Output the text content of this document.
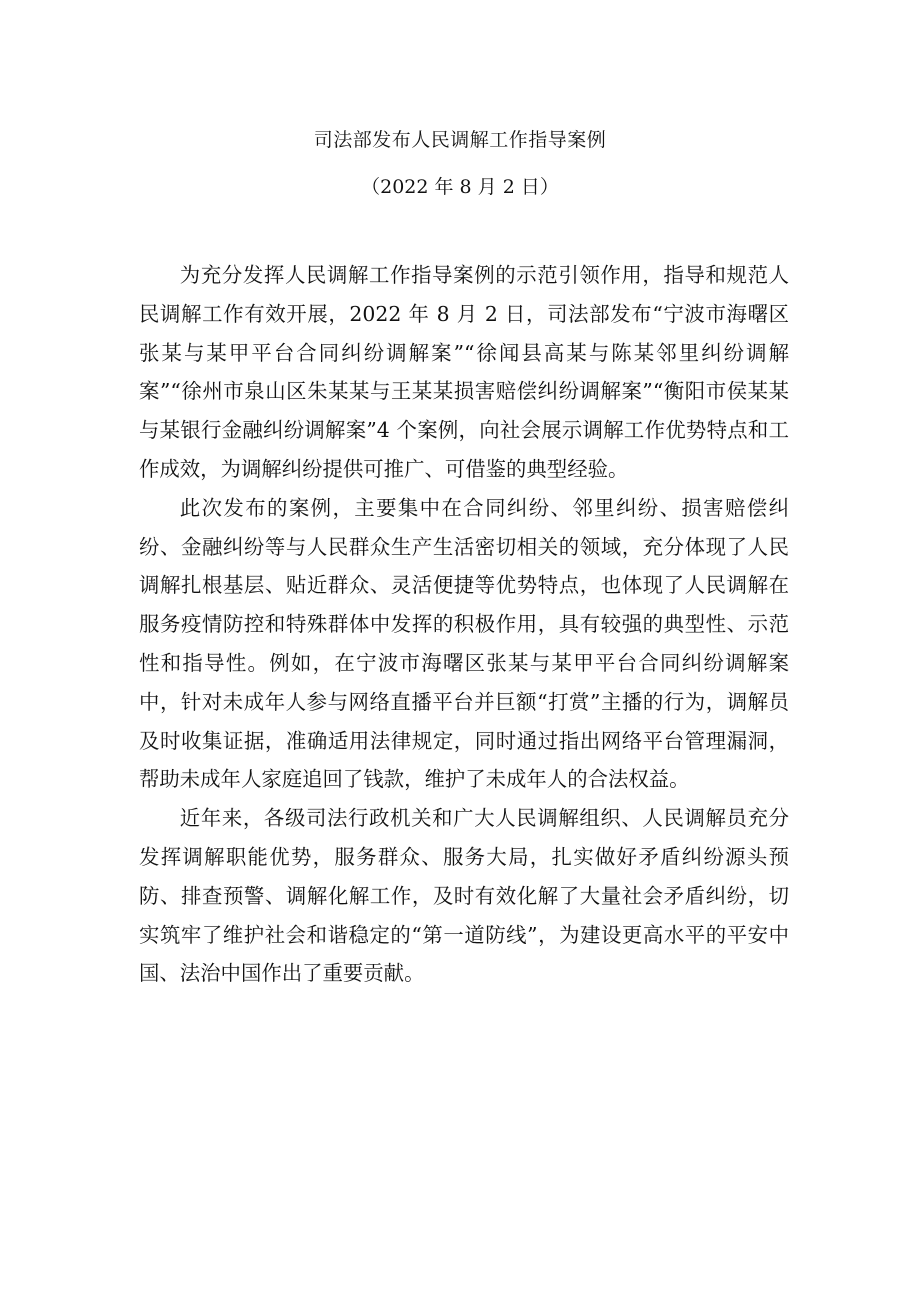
司法部发布人民调解工作指导案例
（2022 年 8 月 2 日）

为充分发挥人民调解工作指导案例的示范引领作用，指导和规范人民调解工作有效开展，2022 年 8 月 2 日，司法部发布“宁波市海曙区张某与某甲平台合同纠纷调解案”“徐闻县高某与陈某邻里纠纷调解案”“徐州市泉山区朱某某与王某某损害赔偿纠纷调解案”“衡阳市侯某某与某银行金融纠纷调解案”4 个案例，向社会展示调解工作优势特点和工作成效，为调解纠纷提供可推广、可借鉴的典型经验。

此次发布的案例，主要集中在合同纠纷、邻里纠纷、损害赔偿纠纷、金融纠纷等与人民群众生产生活密切相关的领域，充分体现了人民调解扎根基层、贴近群众、灵活便捷等优势特点，也体现了人民调解在服务疫情防控和特殊群体中发挥的积极作用，具有较强的典型性、示范性和指导性。例如，在宁波市海曙区张某与某甲平台合同纠纷调解案中，针对未成年人参与网络直播平台并巨额“打赏”主播的行为，调解员及时收集证据，准确适用法律规定，同时通过指出网络平台管理漏洞，帮助未成年人家庭追回了钱款，维护了未成年人的合法权益。

近年来，各级司法行政机关和广大人民调解组织、人民调解员充分发挥调解职能优势，服务群众、服务大局，扎实做好矛盾纠纷源头预防、排查预警、调解化解工作，及时有效化解了大量社会矛盾纠纷，切实筑牢了维护社会和谐稳定的“第一道防线”，为建设更高水平的平安中国、法治中国作出了重要贡献。
